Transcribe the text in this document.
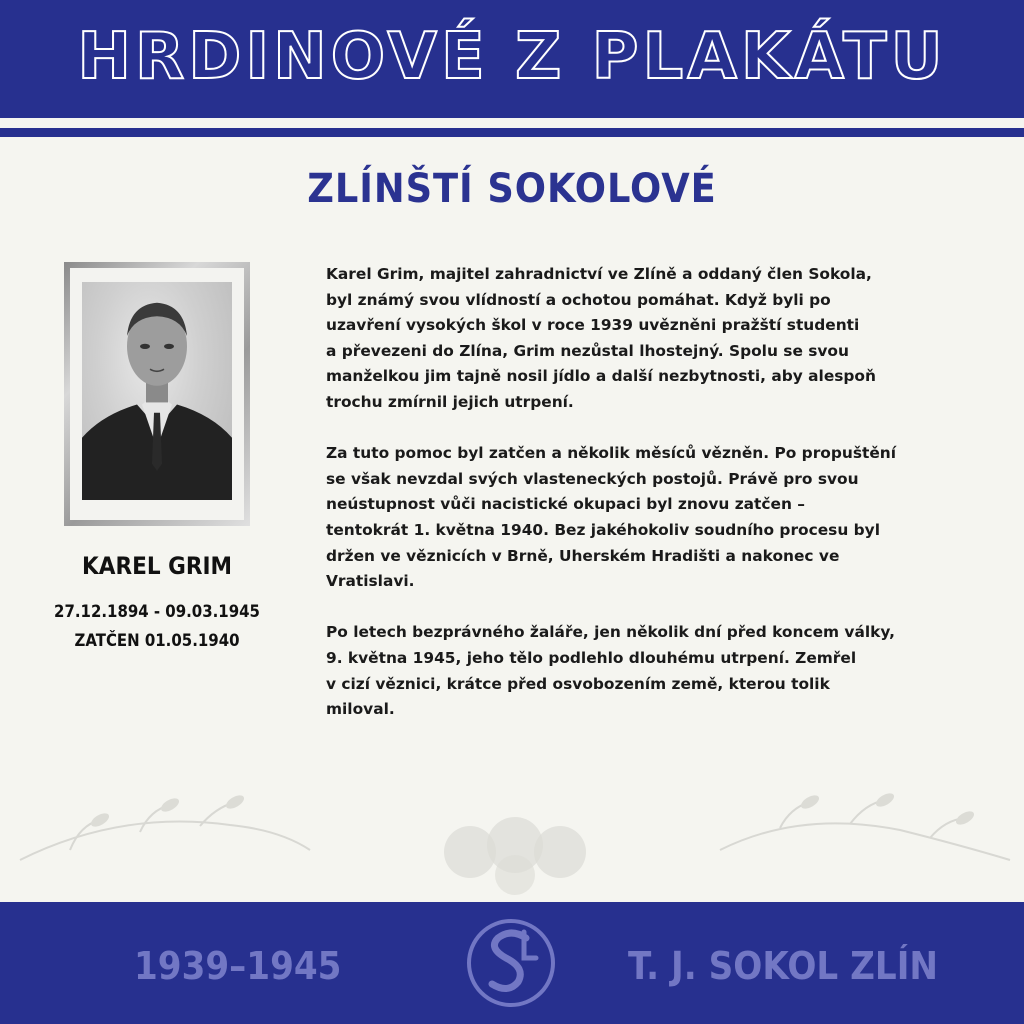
HRDINOVÉ Z PLAKÁTU
ZLÍNŠTÍ SOKOLOVÉ
KAREL GRIM
27.12.1894 - 09.03.1945
ZATČEN 01.05.1940

Karel Grim, majitel zahradnictví ve Zlíně a oddaný člen Sokola,
byl známý svou vlídností a ochotou pomáhat. Když byli po
uzavření vysokých škol v roce 1939 uvězněni pražští studenti
a převezeni do Zlína, Grim nezůstal lhostejný. Spolu se svou
manželkou jim tajně nosil jídlo a další nezbytnosti, aby alespoň
trochu zmírnil jejich utrpení.

Za tuto pomoc byl zatčen a několik měsíců vězněn. Po propuštění
se však nevzdal svých vlasteneckých postojů. Právě pro svou
neústupnost vůči nacistické okupaci byl znovu zatčen –
tentokrát 1. května 1940. Bez jakéhokoliv soudního procesu byl
držen ve věznicích v Brně, Uherském Hradišti a nakonec ve
Vratislavi.

Po letech bezprávného žaláře, jen několik dní před koncem války,
9. května 1945, jeho tělo podlehlo dlouhému utrpení. Zemřel
v cizí věznici, krátce před osvobozením země, kterou tolik
miloval.

1939–1945	T. J. SOKOL ZLÍN
